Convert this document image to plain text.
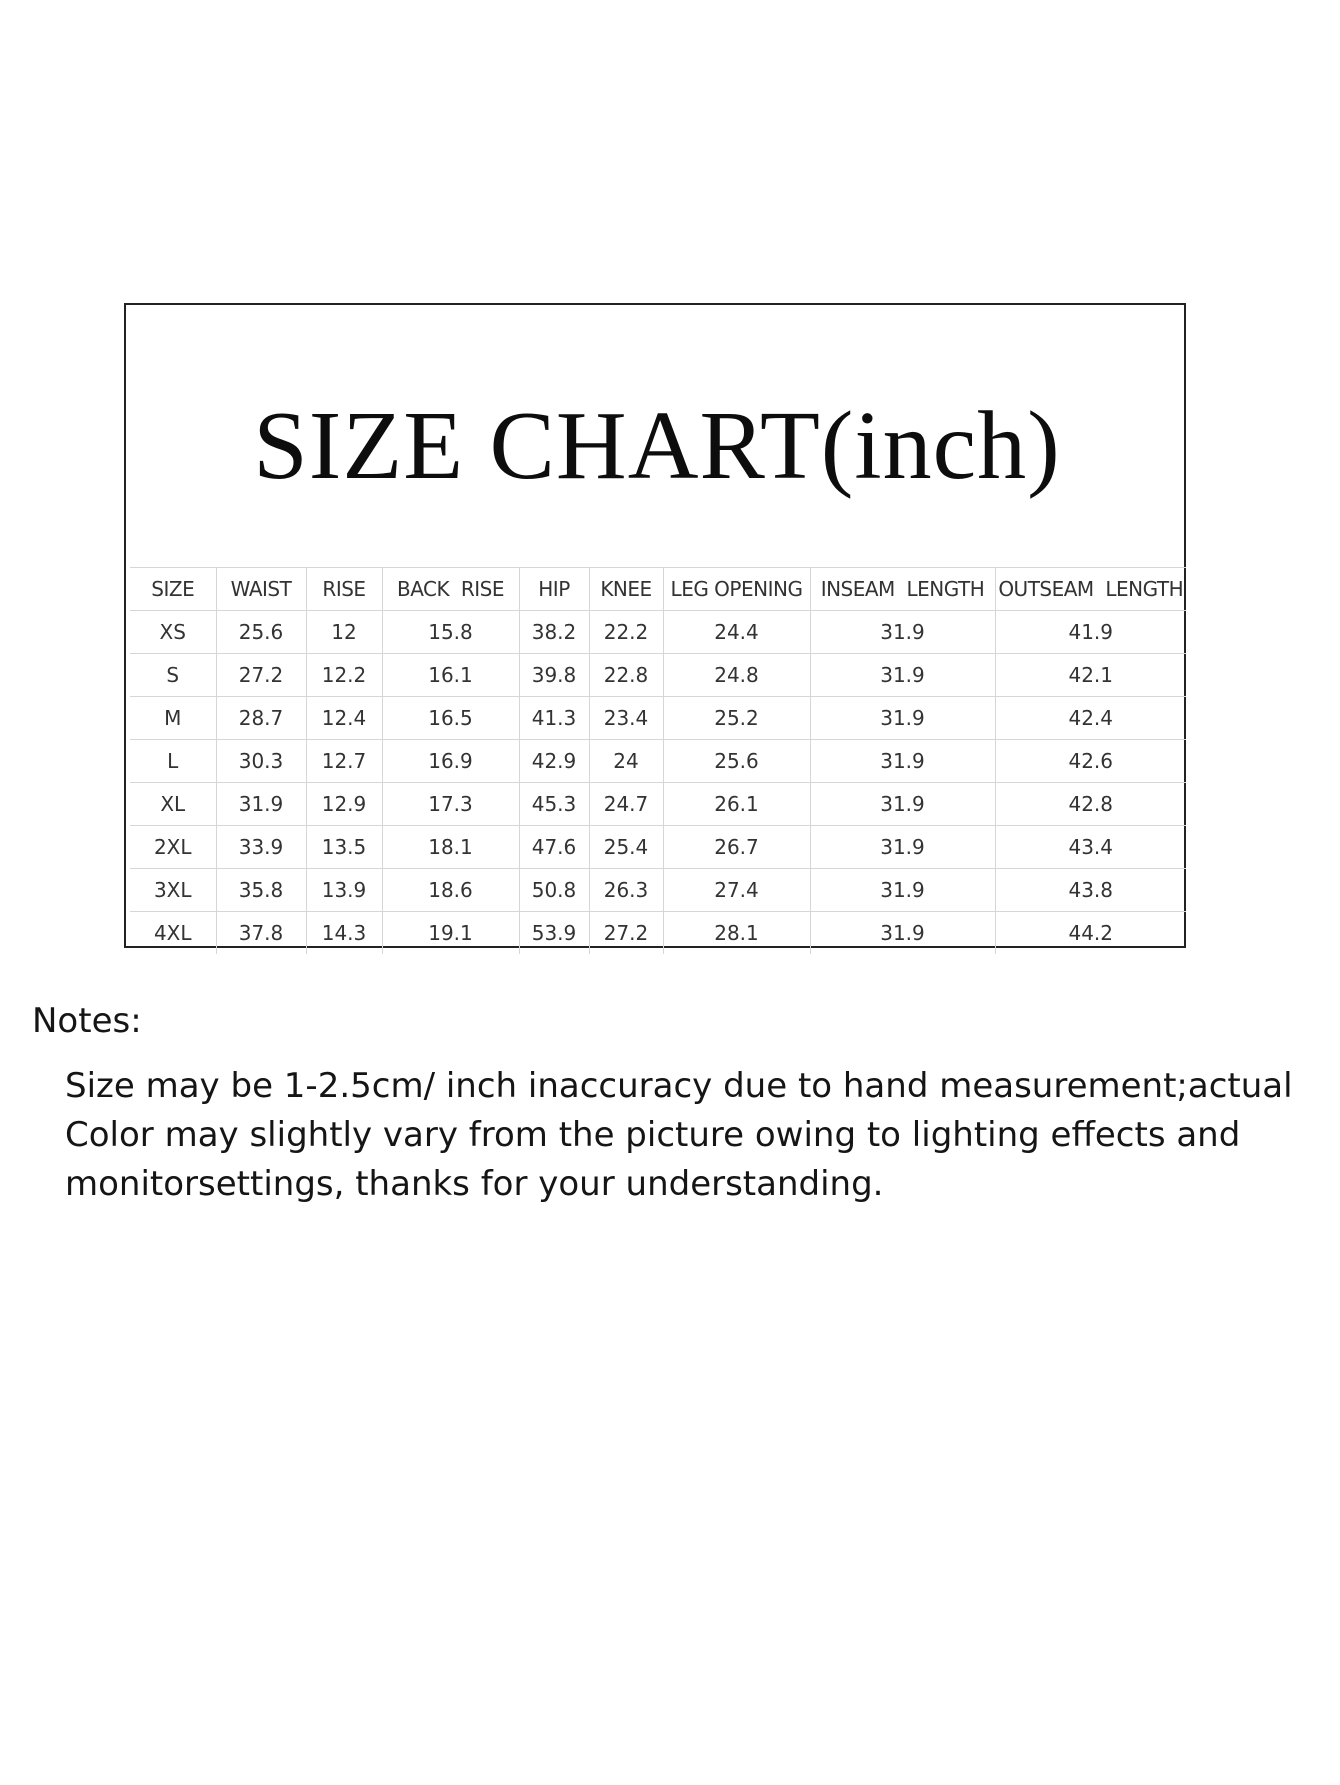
SIZE CHART(inch)
SIZE	WAIST	RISE	BACK  RISE	HIP	KNEE	LEG OPENING	INSEAM  LENGTH	OUTSEAM  LENGTH
XS	25.6	12	15.8	38.2	22.2	24.4	31.9	41.9
S	27.2	12.2	16.1	39.8	22.8	24.8	31.9	42.1
M	28.7	12.4	16.5	41.3	23.4	25.2	31.9	42.4
L	30.3	12.7	16.9	42.9	24	25.6	31.9	42.6
XL	31.9	12.9	17.3	45.3	24.7	26.1	31.9	42.8
2XL	33.9	13.5	18.1	47.6	25.4	26.7	31.9	43.4
3XL	35.8	13.9	18.6	50.8	26.3	27.4	31.9	43.8
4XL	37.8	14.3	19.1	53.9	27.2	28.1	31.9	44.2
Notes:
Size may be 1-2.5cm/ inch inaccuracy due to hand measurement;actual
Color may slightly vary from the picture owing to lighting effects and
monitorsettings, thanks for your understanding.
